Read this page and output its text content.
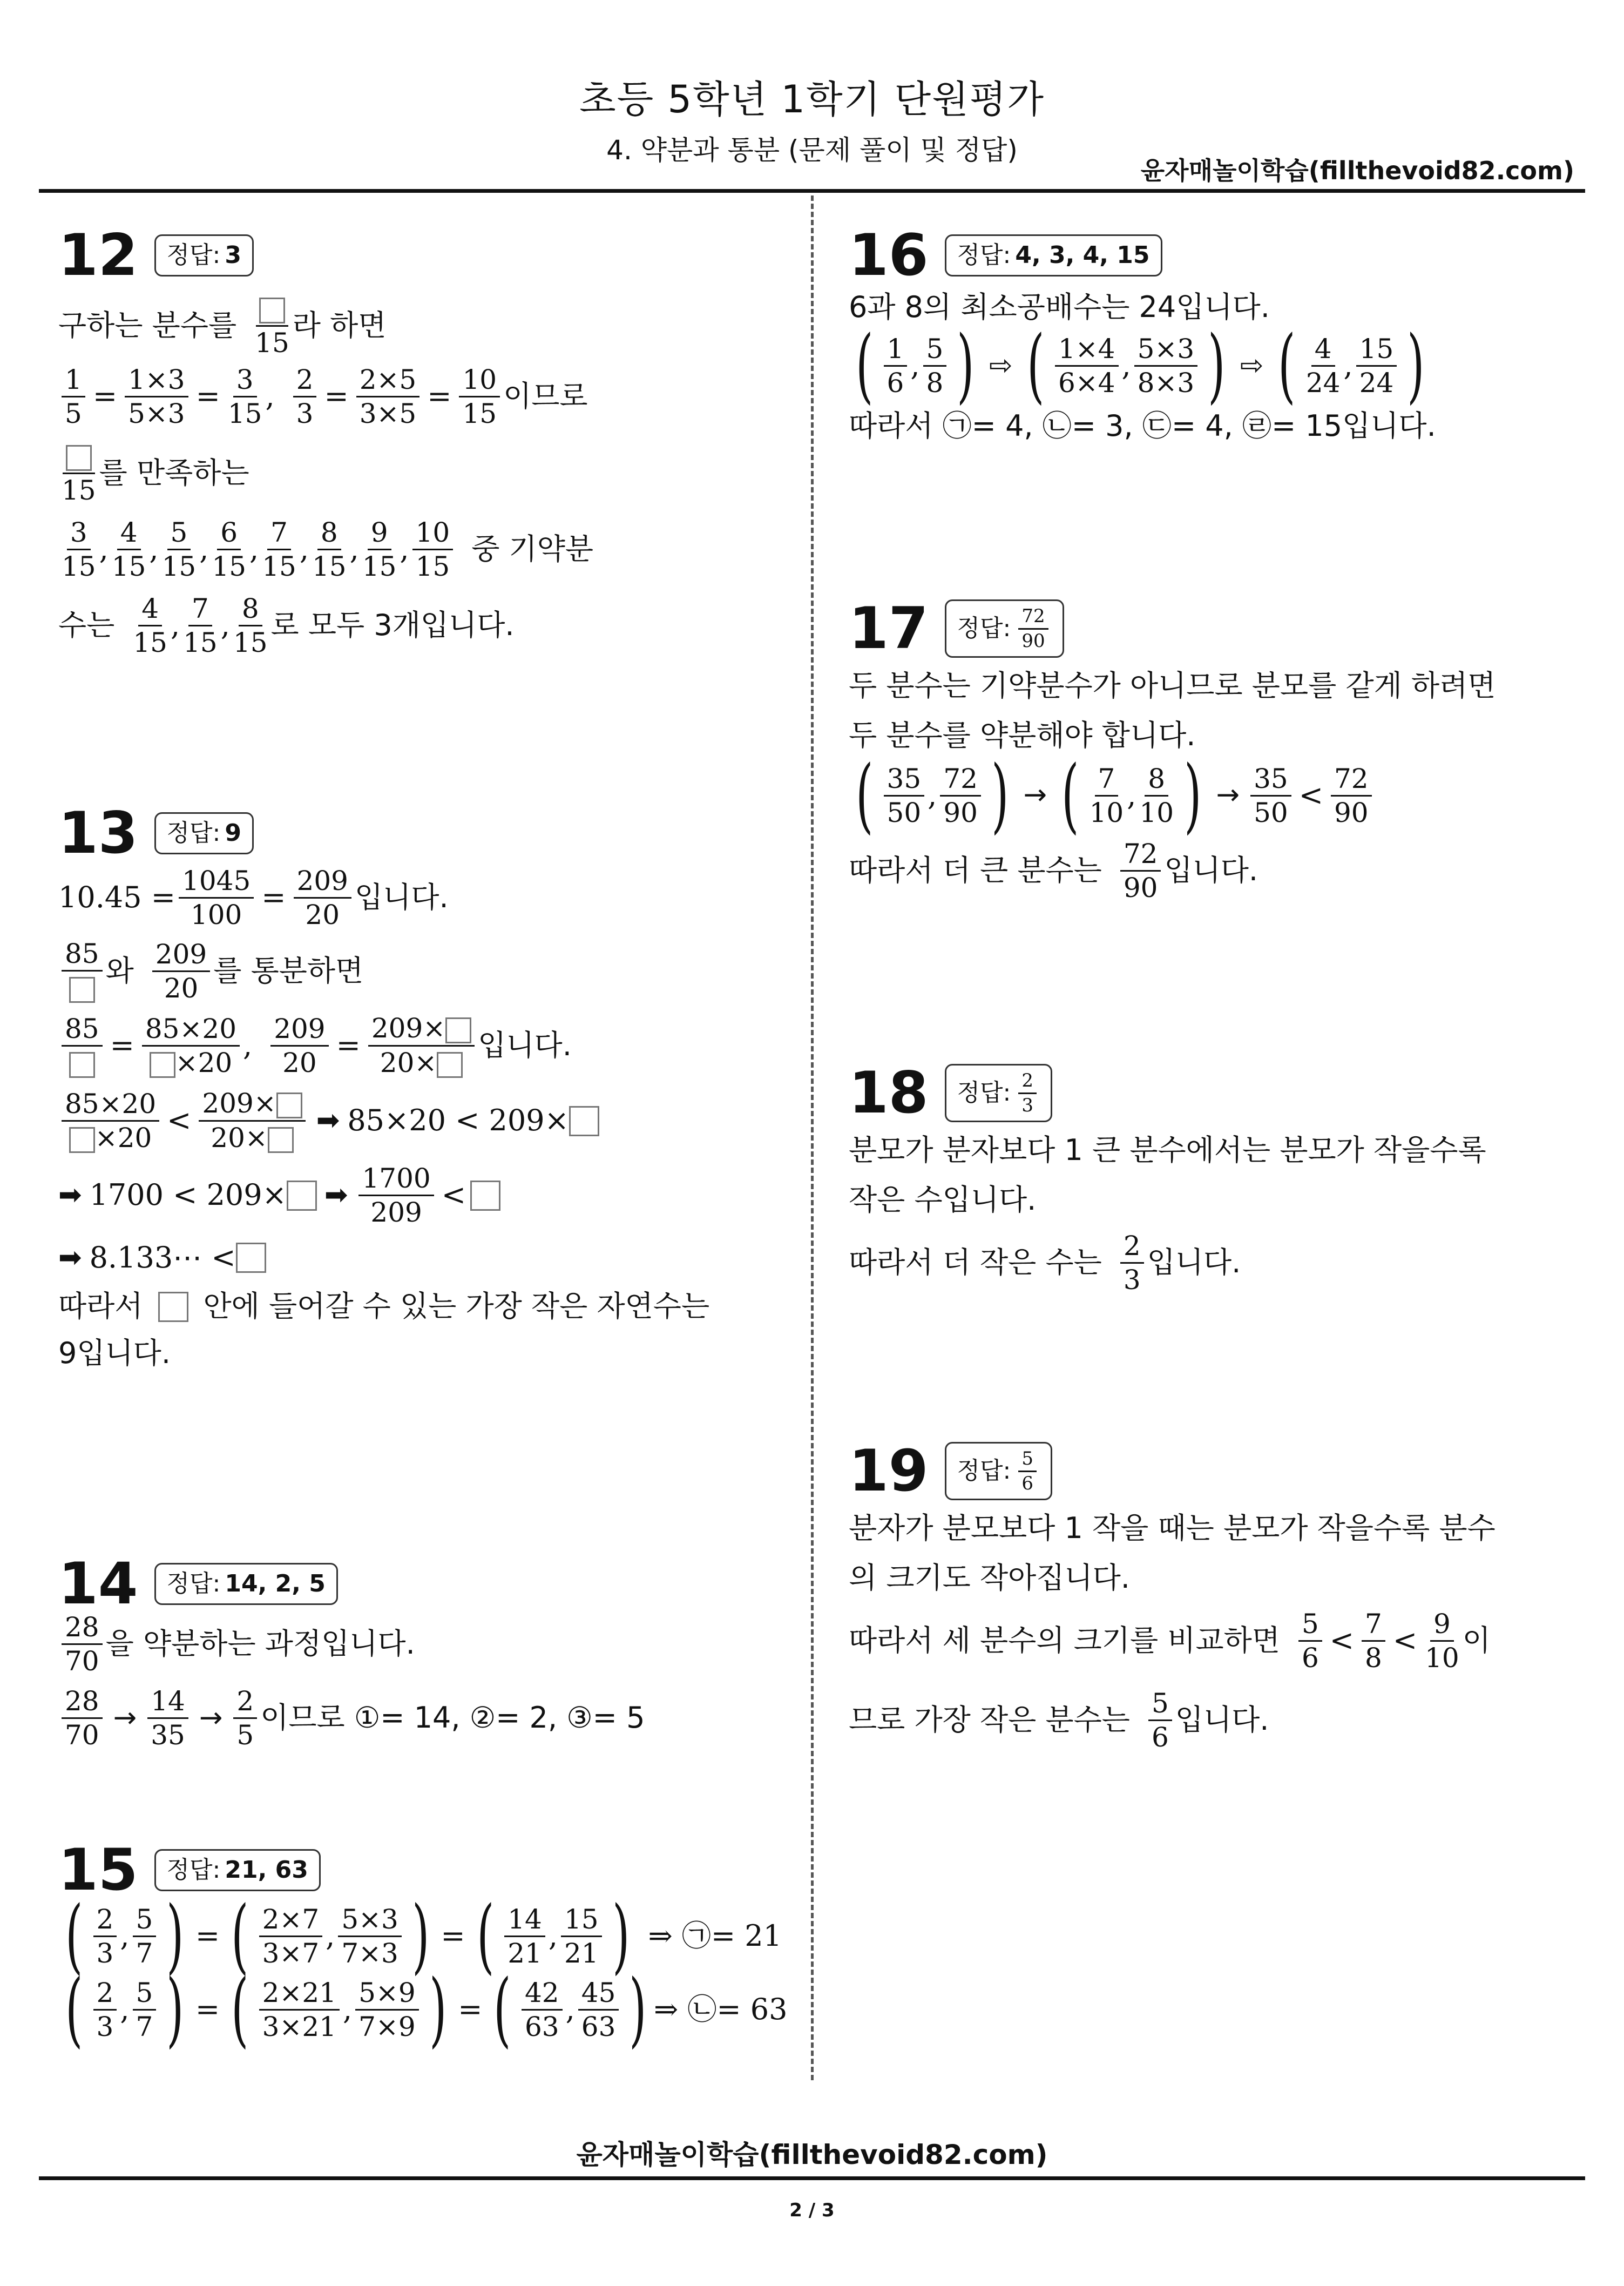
초등 5학년 1학기 단원평가
4. 약분과 통분 (문제 풀이 및 정답)
윤자매놀이학습(fillthevoid82.com)
12 정답: 3
구하는 분수를
15
라 하면
$\frac{1}{5} = \frac{1\times 3}{5\times 3} = \frac{3}{15}$ , $\frac{2}{3} = \frac{2\times 5}{3\times 5} = \frac{10}{15}$ 이므로
15
를 만족하는
$\frac{3}{15}$ , $\frac{4}{15}$ , $\frac{5}{15}$ , $\frac{6}{15}$ , $\frac{7}{15}$ , $\frac{8}{15}$ , $\frac{9}{15}$ , $\frac{10}{15}$ 중 기약분
수는 $\frac{4}{15}$ , $\frac{7}{15}$ , $\frac{8}{15}$ 로 모두 3개입니다.
13 정답: 9
$10.45 = \frac{1045}{100} = \frac{209}{20}$ 입니다.
85 와 $\frac{209}{20}$ 를 통분하면
$85 = \frac{85\times 20}{\times 20}$ , $\frac{209}{20} = \frac{209\times}{20\times}$ 입니다.
$\frac{85\times 20}{\times 20} < \frac{209\times}{20\times}$ ➡ 85×20 < 209×
➡ 1700 < 209× ➡ $\frac{1700}{209}$ <
➡ 8.133⋯ <
따라서 안에 들어갈 수 있는 가장 작은 자연수는
9입니다.
14 정답: 14, 2, 5
$\frac{28}{70}$ 을 약분하는 과정입니다.
$\frac{28}{70} \to \frac{14}{35} \to \frac{2}{5}$ 이므로 ①= 14, ②= 2, ③= 5
15 정답: 21, 63
( $\frac{2}{3}$ , $\frac{5}{7}$ ) = ( $\frac{2\times 7}{3\times 7}$ , $\frac{5\times 3}{7\times 3}$ ) = ( $\frac{14}{21}$ , $\frac{15}{21}$ ) ⇒ ㉠= 21
( $\frac{2}{3}$ , $\frac{5}{7}$ ) = ( $\frac{2\times 21}{3\times 21}$ , $\frac{5\times 9}{7\times 9}$ ) = ( $\frac{42}{63}$ , $\frac{45}{63}$ ) ⇒ ㉡= 63
16 정답: 4, 3, 4, 15
6과 8의 최소공배수는 24입니다.
( $\frac{1}{6}$ , $\frac{5}{8}$ ) ⇨ ( $\frac{1\times 4}{6\times 4}$ , $\frac{5\times 3}{8\times 3}$ ) ⇨ ( $\frac{4}{24}$ , $\frac{15}{24}$ )
따라서 ㉠= 4, ㉡= 3, ㉢= 4, ㉣= 15입니다.
17 정답: $\frac{72}{90}$
두 분수는 기약분수가 아니므로 분모를 같게 하려면
두 분수를 약분해야 합니다.
( $\frac{35}{50}$ , $\frac{72}{90}$ ) → ( $\frac{7}{10}$ , $\frac{8}{10}$ ) → $\frac{35}{50} < \frac{72}{90}$
따라서 더 큰 분수는 $\frac{72}{90}$ 입니다.
18 정답: $\frac{2}{3}$
분모가 분자보다 1 큰 분수에서는 분모가 작을수록
작은 수입니다.
따라서 더 작은 수는 $\frac{2}{3}$ 입니다.
19 정답: $\frac{5}{6}$
분자가 분모보다 1 작을 때는 분모가 작을수록 분수
의 크기도 작아집니다.
따라서 세 분수의 크기를 비교하면 $\frac{5}{6} < \frac{7}{8} < \frac{9}{10}$ 이
므로 가장 작은 분수는 $\frac{5}{6}$ 입니다.
윤자매놀이학습(fillthevoid82.com)
2 / 3
